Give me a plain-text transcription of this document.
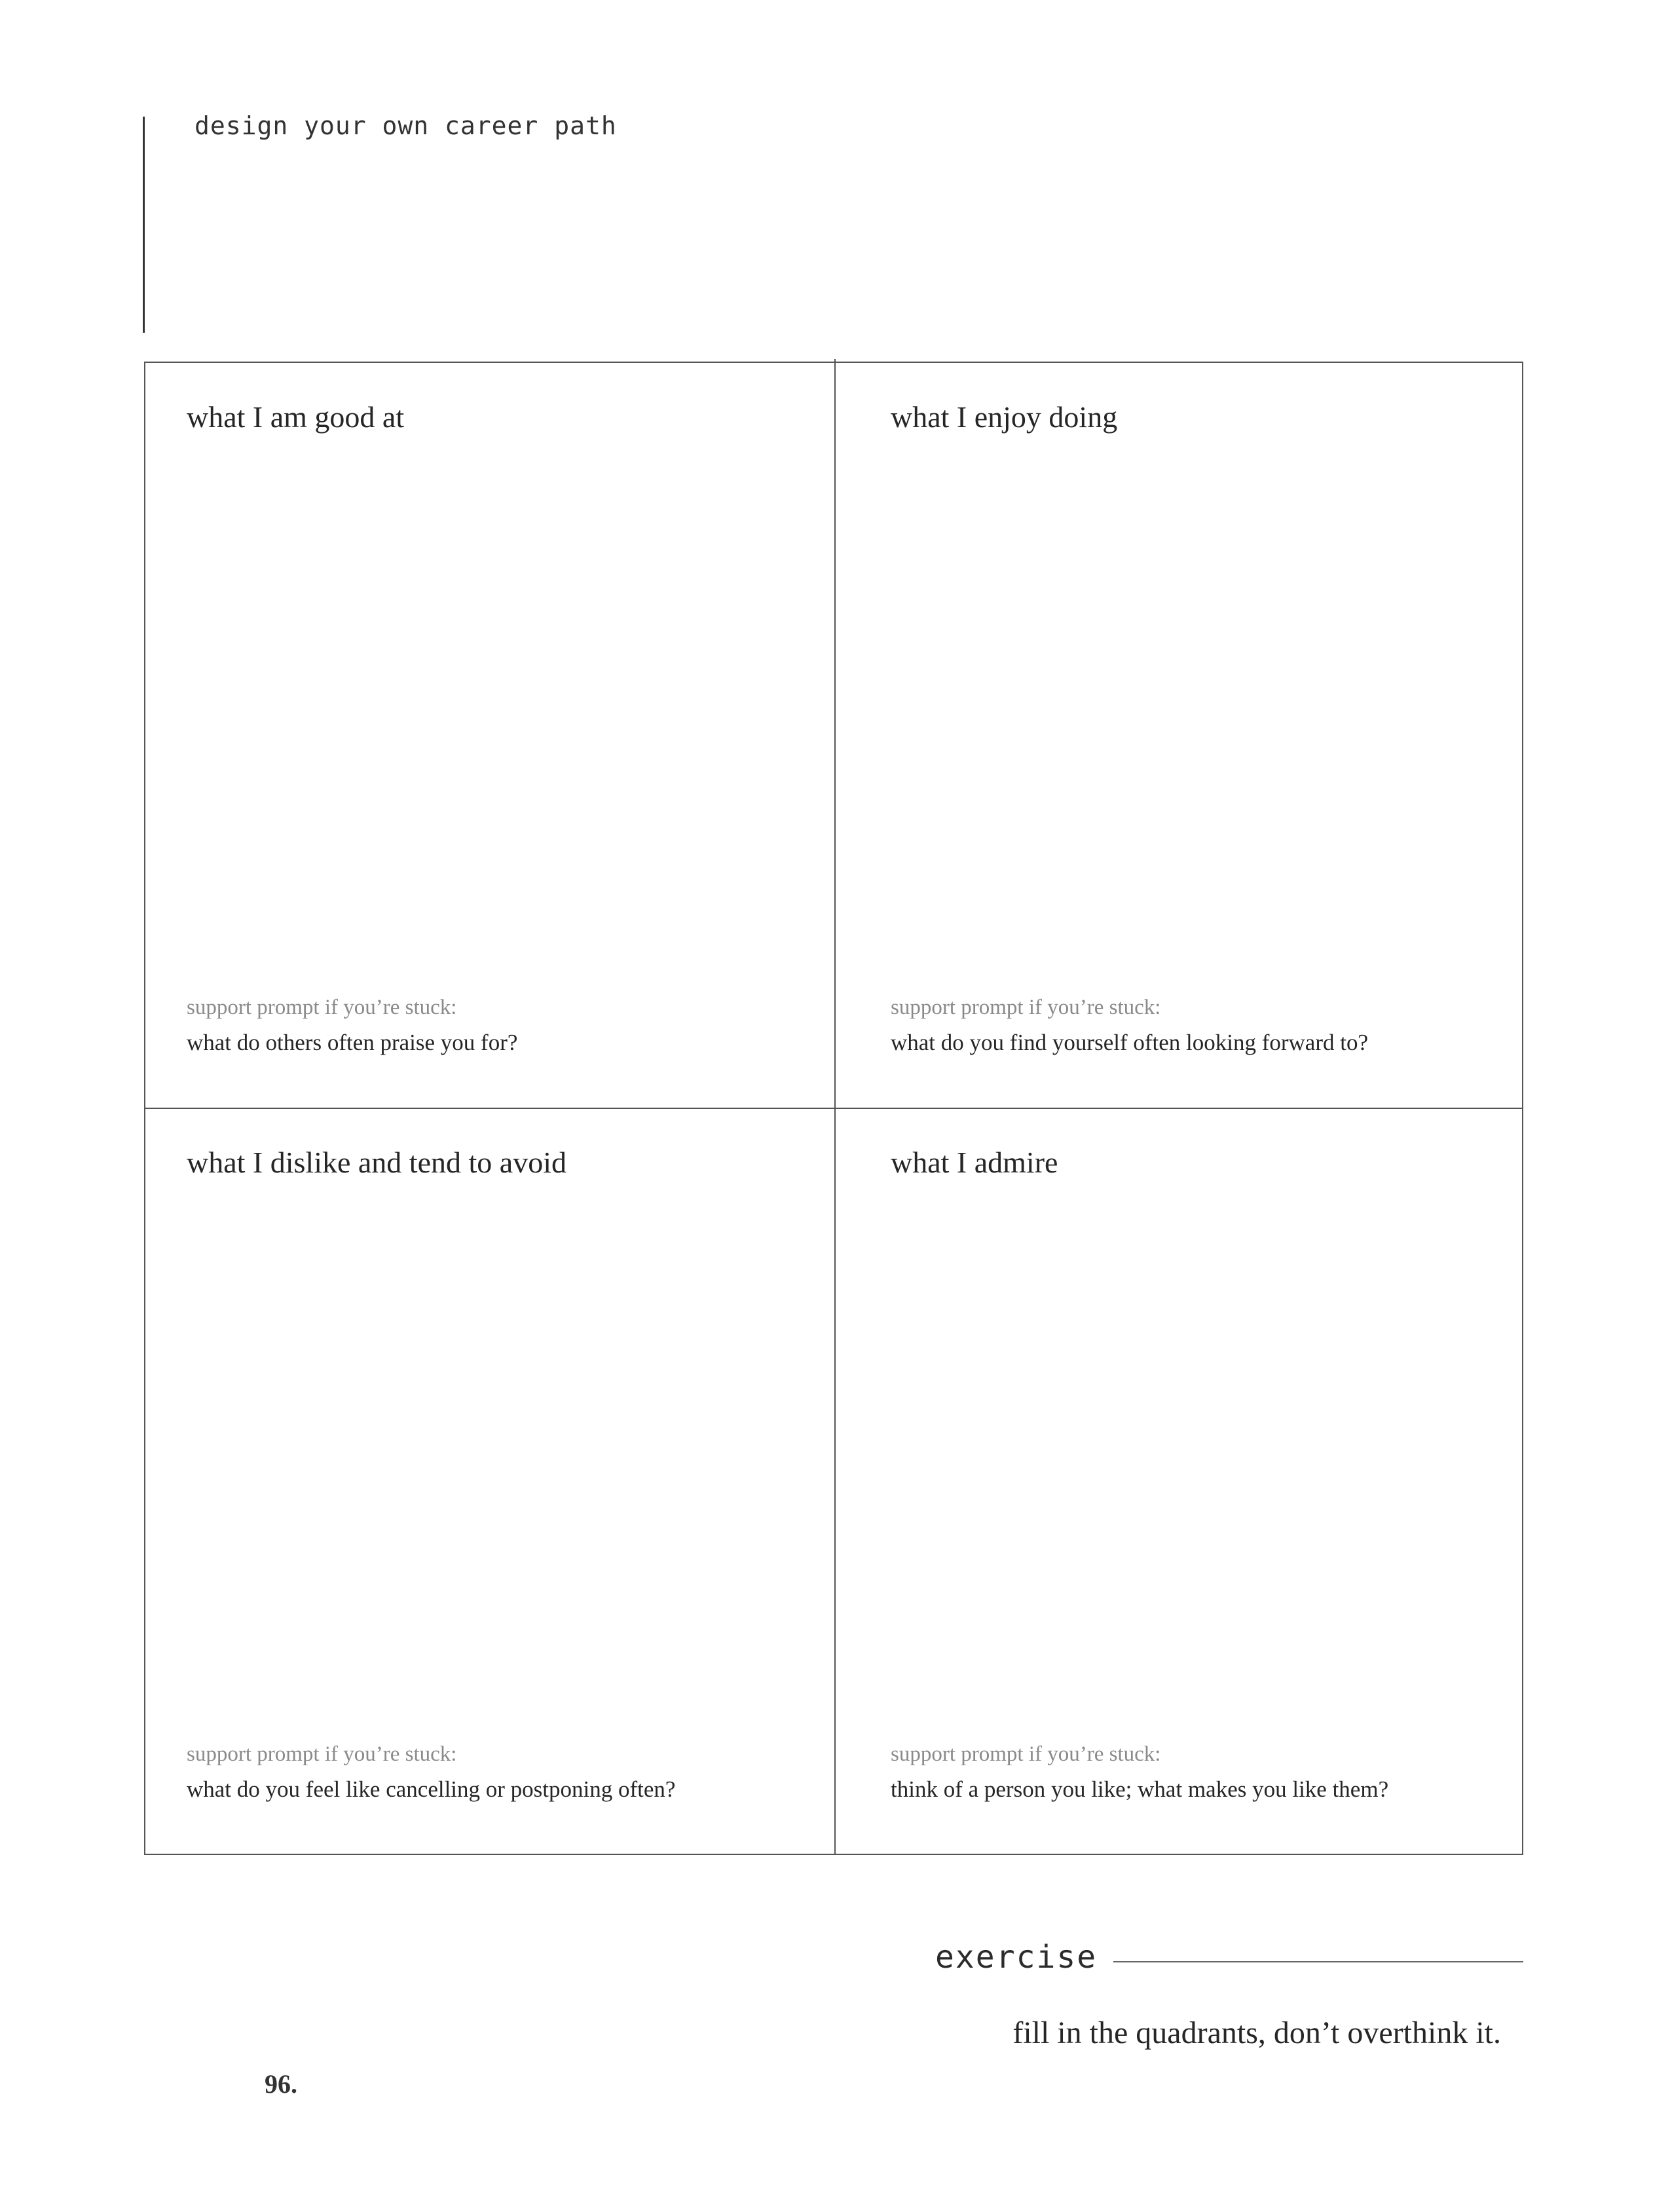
design your own career path
what I am good at
support prompt if you’re stuck:
what do others often praise you for?
what I enjoy doing
support prompt if you’re stuck:
what do you find yourself often looking forward to?
what I dislike and tend to avoid
support prompt if you’re stuck:
what do you feel like cancelling or postponing often?
what I admire
support prompt if you’re stuck:
think of a person you like; what makes you like them?
exercise
fill in the quadrants, don’t overthink it.
96.
